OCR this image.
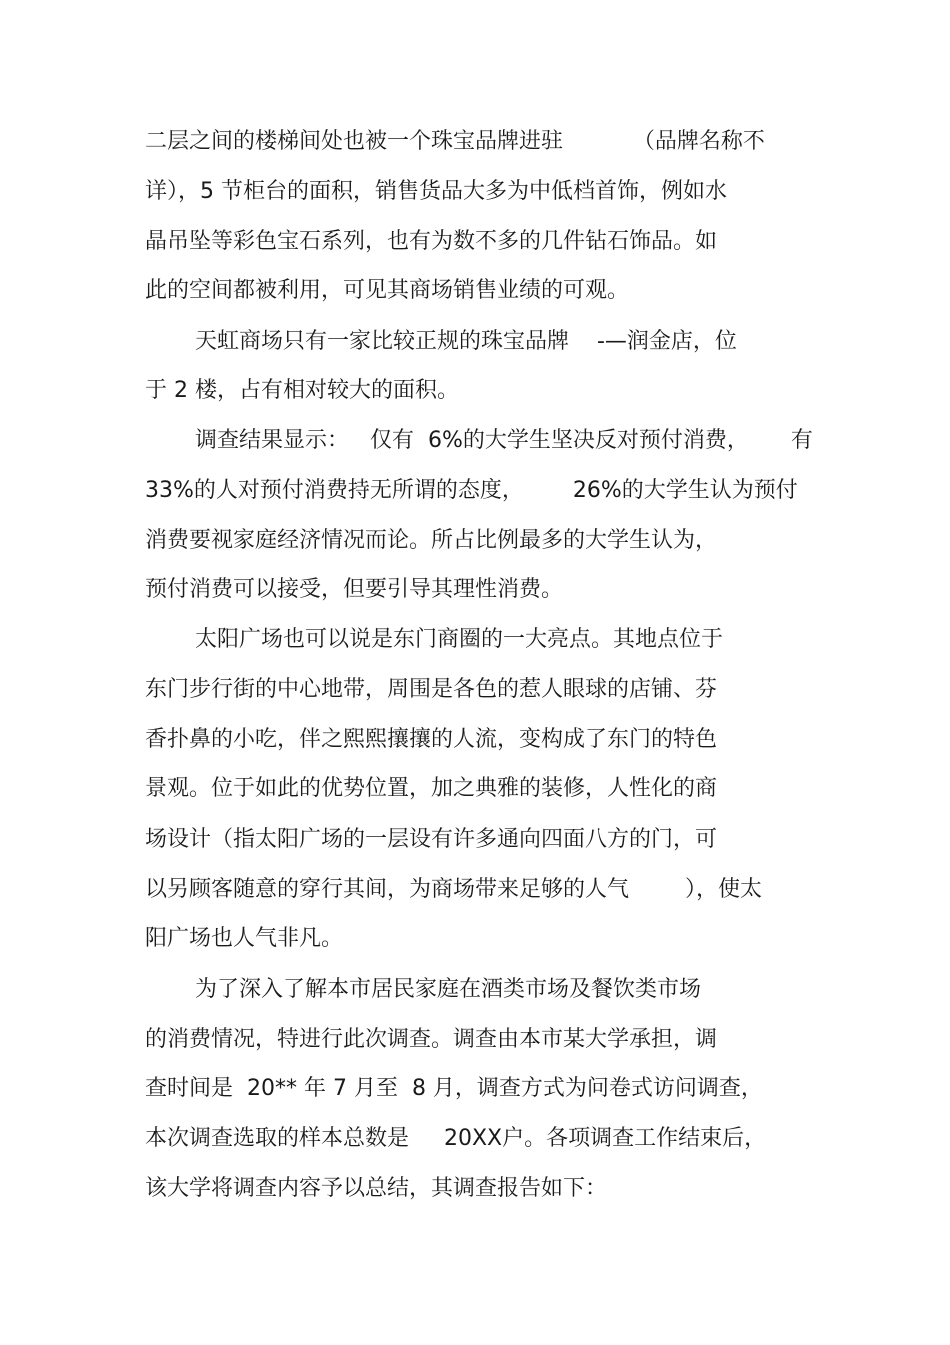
二层之间的楼梯间处也被一个珠宝品牌进驻          （品牌名称不
详），5 节柜台的面积，销售货品大多为中低档首饰，例如水
晶吊坠等彩色宝石系列，也有为数不多的几件钻石饰品。如
此的空间都被利用，可见其商场销售业绩的可观。
天虹商场只有一家比较正规的珠宝品牌    -—润金店，位
于 2 楼，占有相对较大的面积。
调查结果显示：   仅有  6%的大学生坚决反对预付消费，      有
33%的人对预付消费持无所谓的态度，       26%的大学生认为预付
消费要视家庭经济情况而论。所占比例最多的大学生认为，
预付消费可以接受，但要引导其理性消费。
太阳广场也可以说是东门商圈的一大亮点。其地点位于
东门步行街的中心地带，周围是各色的惹人眼球的店铺、芬
香扑鼻的小吃，伴之熙熙攘攘的人流，变构成了东门的特色
景观。位于如此的优势位置，加之典雅的装修，人性化的商
场设计（指太阳广场的一层设有许多通向四面八方的门，可
以另顾客随意的穿行其间，为商场带来足够的人气        ），使太
阳广场也人气非凡。
为了深入了解本市居民家庭在酒类市场及餐饮类市场
的消费情况，特进行此次调查。调查由本市某大学承担，调
查时间是  20** 年 7 月至  8 月，调查方式为问卷式访问调查，
本次调查选取的样本总数是     20XX户。各项调查工作结束后，
该大学将调查内容予以总结，其调查报告如下：
